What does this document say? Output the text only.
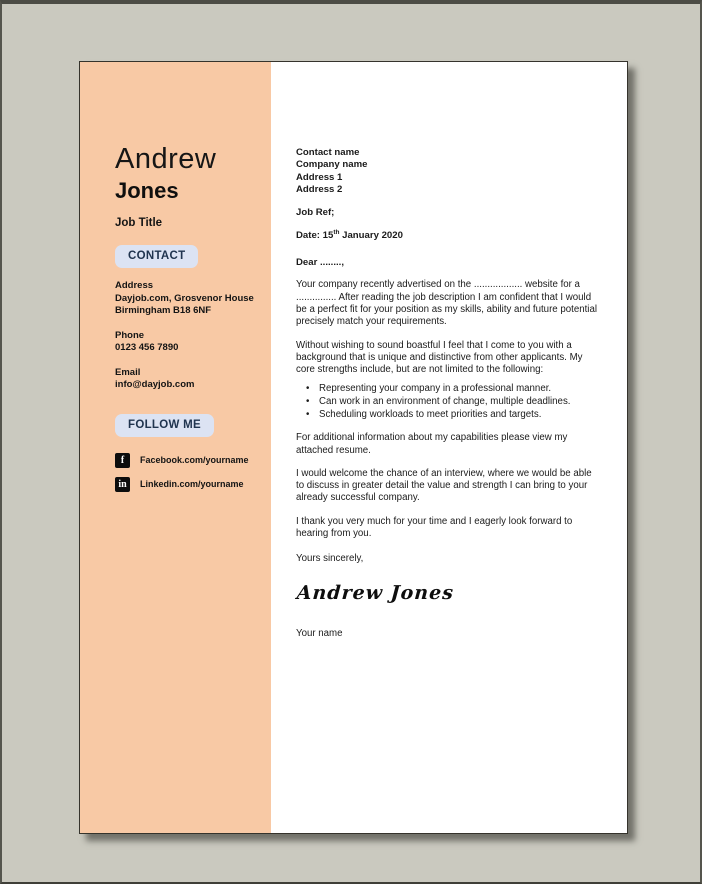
Andrew
Jones
Job Title
CONTACT
Address
Dayjob.com, Grosvenor House
Birmingham B18 6NF
Phone
0123 456 7890
Email
info@dayjob.com
FOLLOW ME
f	Facebook.com/yourname
in	Linkedin.com/yourname
Contact name
Company name
Address 1
Address 2
Job Ref;
Date: 15th January 2020
Dear ........,
Your company recently advertised on the .................. website for a ............... After reading the job description I am confident that I would be a perfect fit for your position as my skills, ability and future potential precisely match your requirements.
Without wishing to sound boastful I feel that I come to you with a background that is unique and distinctive from other applicants. My core strengths include, but are not limited to the following:
• Representing your company in a professional manner.
• Can work in an environment of change, multiple deadlines.
• Scheduling workloads to meet priorities and targets.
For additional information about my capabilities please view my attached resume.
I would welcome the chance of an interview, where we would be able to discuss in greater detail the value and strength I can bring to your already successful company.
I thank you very much for your time and I eagerly look forward to hearing from you.
Yours sincerely,
Andrew Jones
Your name
